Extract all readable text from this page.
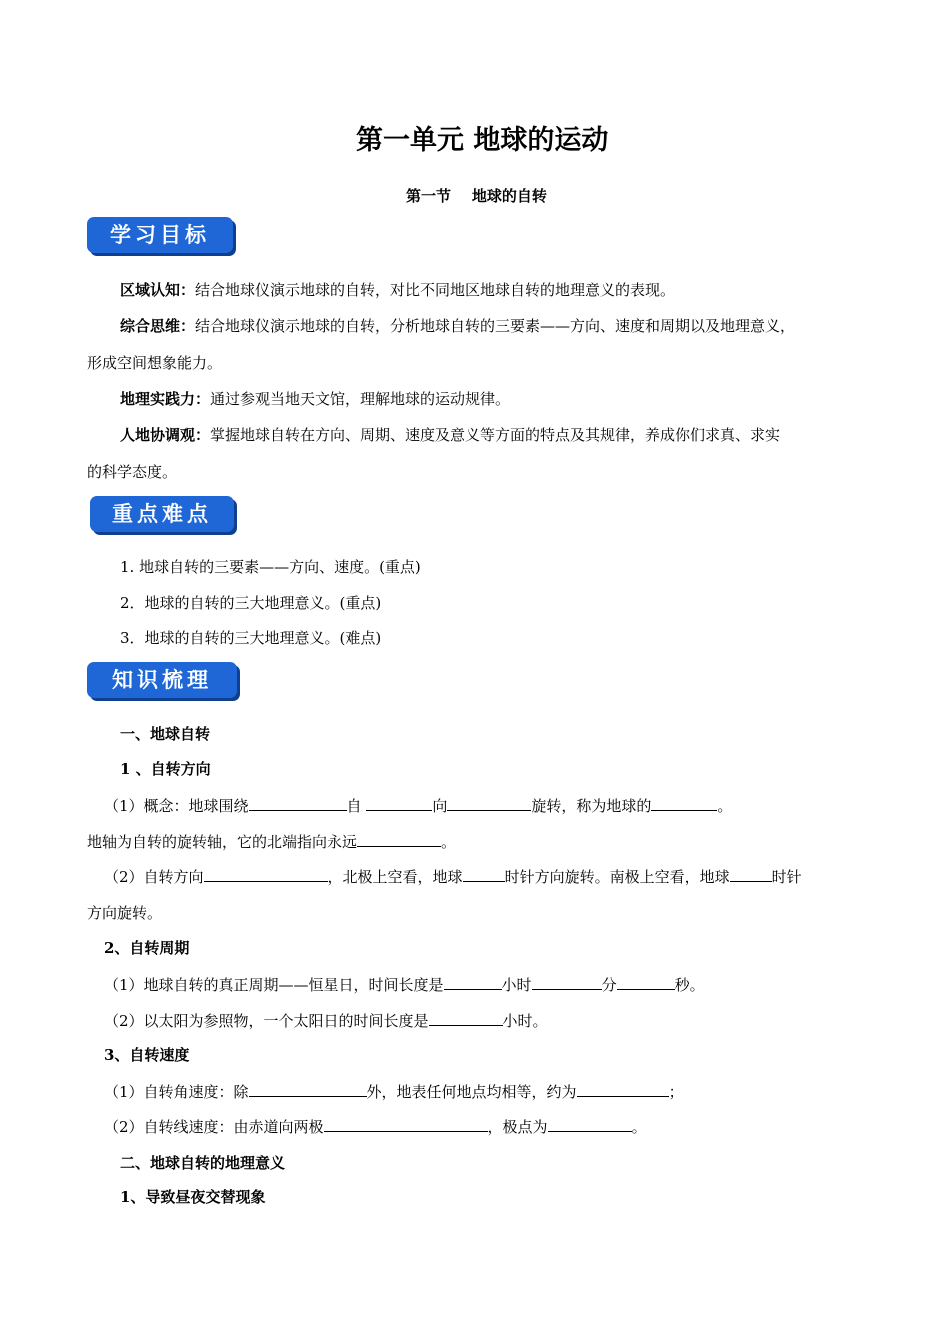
第一单元 地球的运动
第一节    地球的自转
学习目标
区域认知：结合地球仪演示地球的自转，对比不同地区地球自转的地理意义的表现。
综合思维：结合地球仪演示地球的自转，分析地球自转的三要素——方向、速度和周期以及地理意义，
形成空间想象能力。
地理实践力：通过参观当地天文馆，理解地球的运动规律。
人地协调观：掌握地球自转在方向、周期、速度及意义等方面的特点及其规律，养成你们求真、求实
的科学态度。
重点难点
1. 地球自转的三要素——方向、速度。(重点)
2．地球的自转的三大地理意义。(重点)
3．地球的自转的三大地理意义。(难点)
知识梳理
一、地球自转
1 、自转方向
（1）概念：地球围绕	自	向	旋转，称为地球的	。
地轴为自转的旋转轴，它的北端指向永远	。
（2）自转方向	，北极上空看，地球	时针方向旋转。南极上空看，地球	时针
方向旋转。
2、自转周期
（1）地球自转的真正周期——恒星日，时间长度是	小时	分	秒。
（2）以太阳为参照物，一个太阳日的时间长度是	小时。
3、自转速度
（1）自转角速度：除	外，地表任何地点均相等，约为	；
（2）自转线速度：由赤道向两极	，极点为	。
二、地球自转的地理意义
1、导致昼夜交替现象
